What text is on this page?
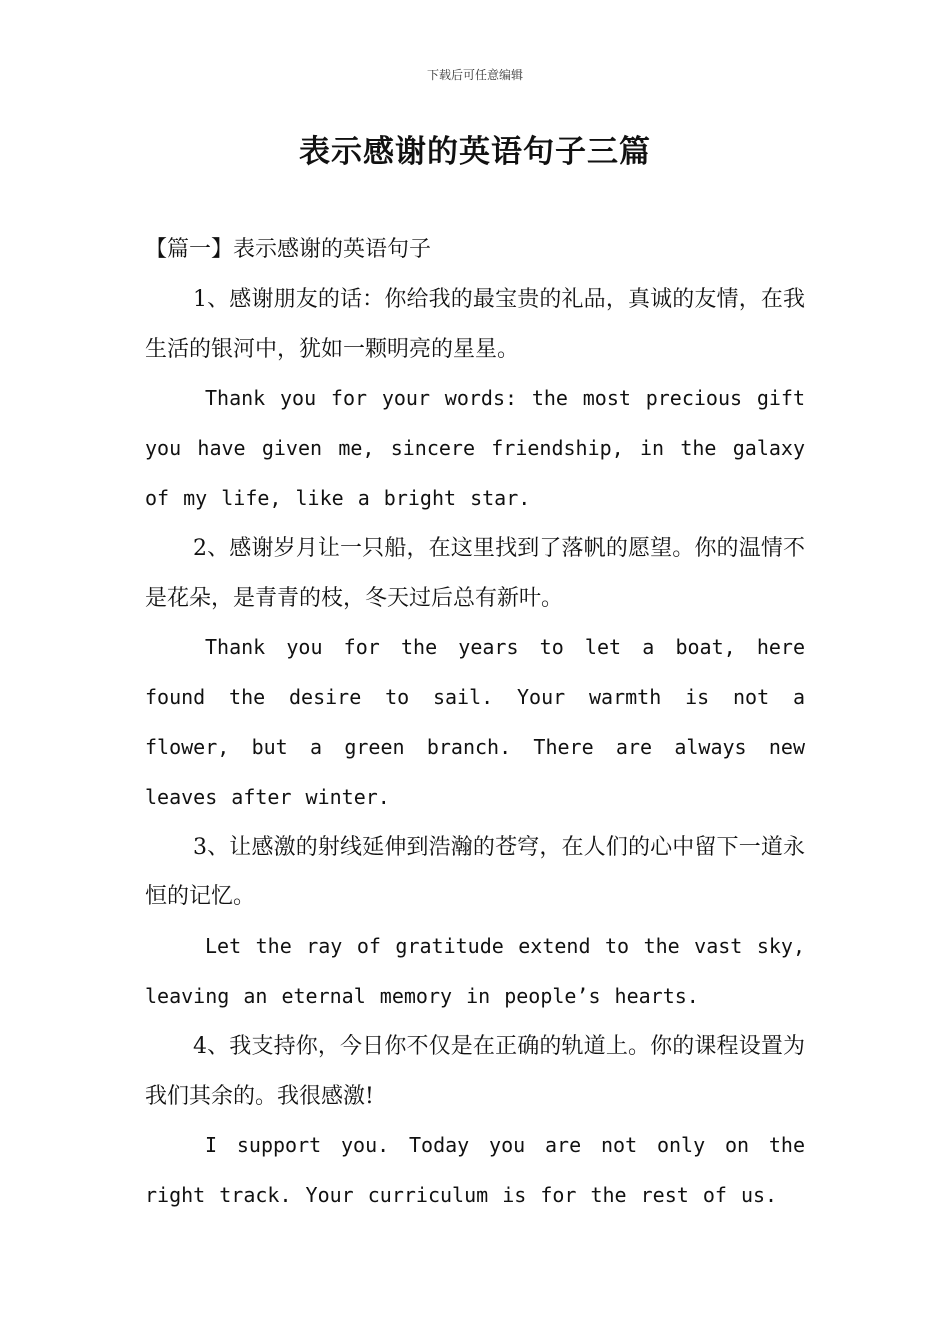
下载后可任意编辑
表示感谢的英语句子三篇

【篇一】表示感谢的英语句子

1、感谢朋友的话：你给我的最宝贵的礼品，真诚的友情，在我生活的银河中，犹如一颗明亮的星星。

Thank you for your words: the most precious gift you have given me, sincere friendship, in the galaxy of my life, like a bright star.

2、感谢岁月让一只船，在这里找到了落帆的愿望。你的温情不是花朵，是青青的枝，冬天过后总有新叶。

Thank you for the years to let a boat, here found the desire to sail. Your warmth is not a flower, but a green branch. There are always new leaves after winter.

3、让感激的射线延伸到浩瀚的苍穹，在人们的心中留下一道永恒的记忆。

Let the ray of gratitude extend to the vast sky, leaving an eternal memory in people’s hearts.

4、我支持你，今日你不仅是在正确的轨道上。你的课程设置为我们其余的。我很感激!

I support you. Today you are not only on the right track. Your curriculum is for the rest of us.
